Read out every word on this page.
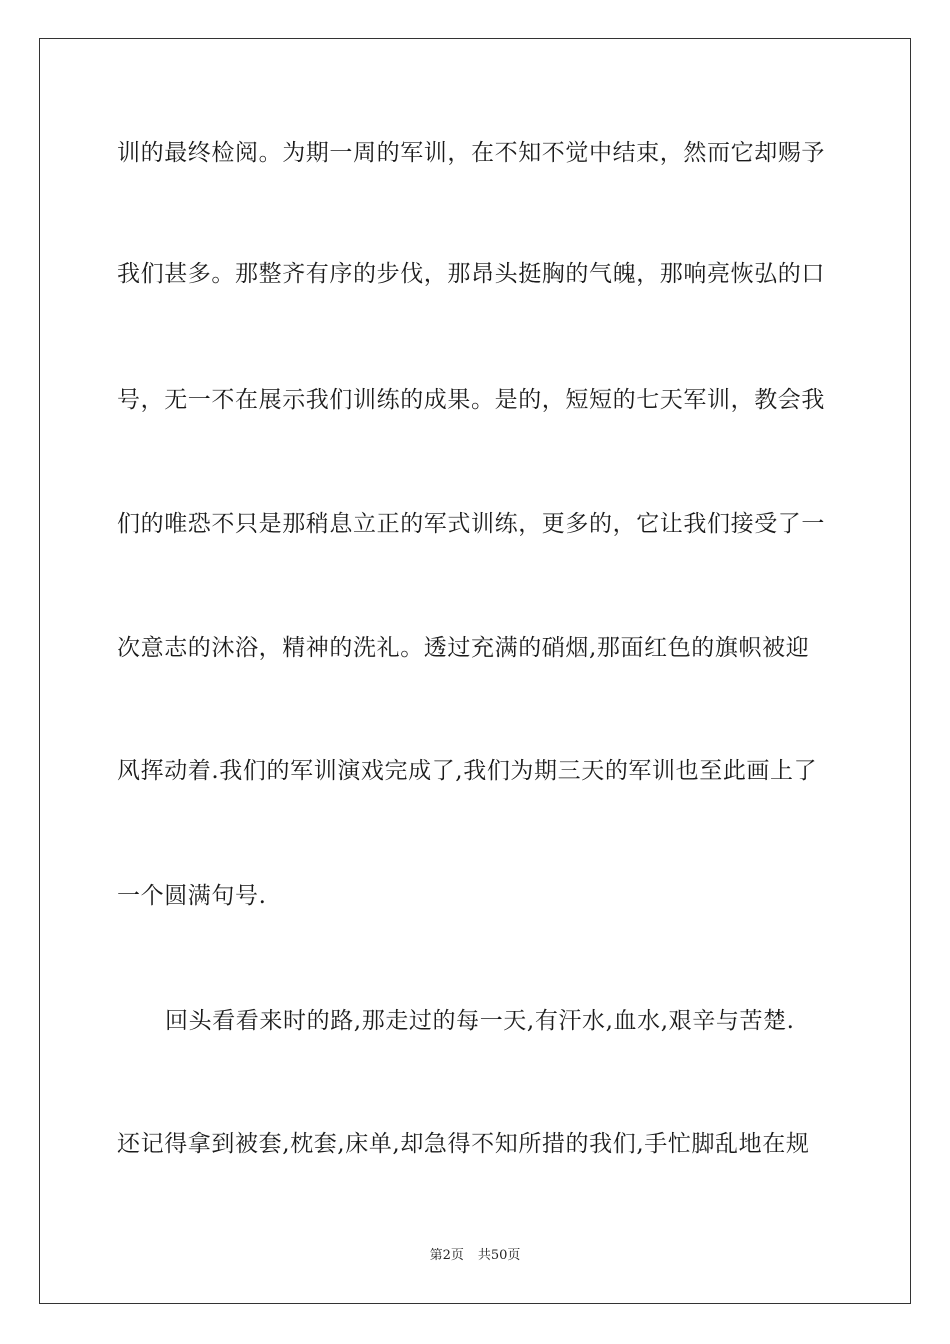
训的最终检阅。为期一周的军训，在不知不觉中结束，然而它却赐予
我们甚多。那整齐有序的步伐，那昂头挺胸的气魄，那响亮恢弘的口
号，无一不在展示我们训练的成果。是的，短短的七天军训，教会我
们的唯恐不只是那稍息立正的军式训练，更多的，它让我们接受了一
次意志的沐浴，精神的洗礼。透过充满的硝烟,那面红色的旗帜被迎
风挥动着.我们的军训演戏完成了,我们为期三天的军训也至此画上了
一个圆满句号.
回头看看来时的路,那走过的每一天,有汗水,血水,艰辛与苦楚.
还记得拿到被套,枕套,床单,却急得不知所措的我们,手忙脚乱地在规
第2页 共50页
